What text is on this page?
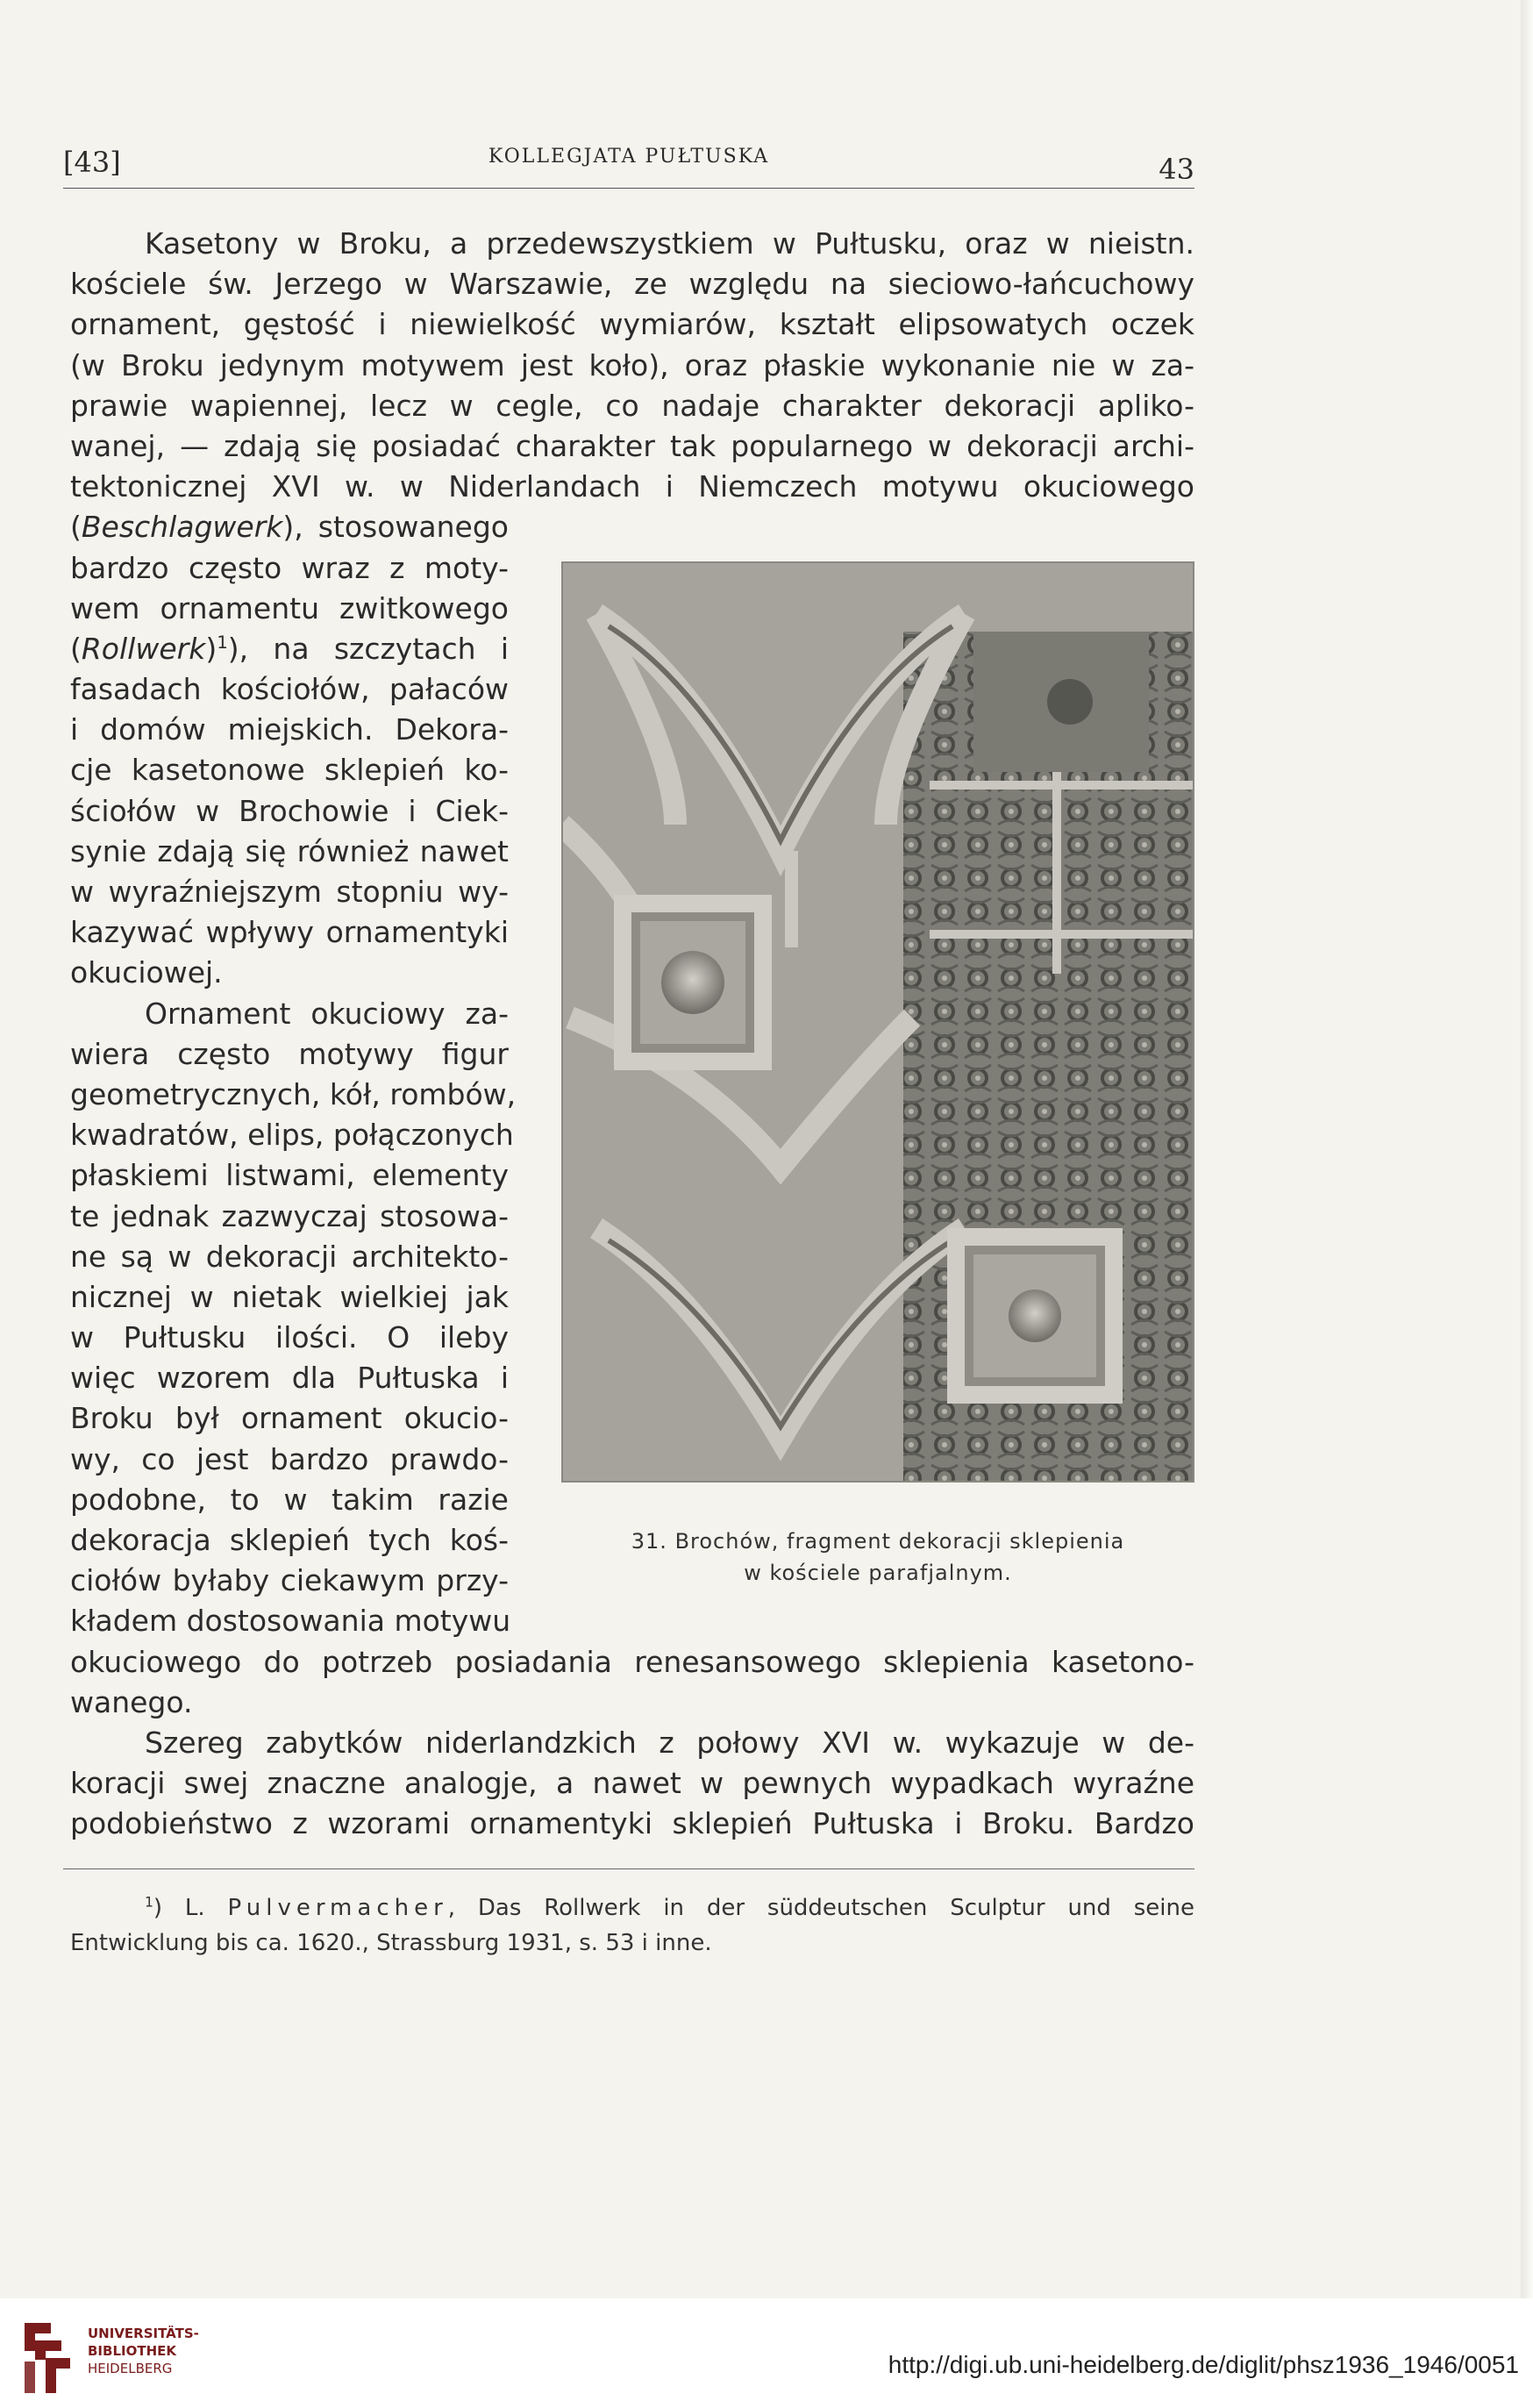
[43]	KOLLEGJATA PUŁTUSKA	43
Kasetony w Broku, a przedewszystkiem w Pułtusku, oraz w nieistn.
kościele św. Jerzego w Warszawie, ze względu na sieciowo-łańcuchowy
ornament, gęstość i niewielkość wymiarów, kształt elipsowatych oczek
(w Broku jedynym motywem jest koło), oraz płaskie wykonanie nie w za-
prawie wapiennej, lecz w cegle, co nadaje charakter dekoracji apliko-
wanej, — zdają się posiadać charakter tak popularnego w dekoracji archi-
tektonicznej XVI w. w Niderlandach i Niemczech motywu okuciowego
(Beschlagwerk), stosowanego
bardzo często wraz z moty-
wem ornamentu zwitkowego
(Rollwerk)$^1$), na szczytach i
fasadach kościołów, pałaców
i domów miejskich. Dekora-
cje kasetonowe sklepień ko-
ściołów w Brochowie i Ciek-
synie zdają się również nawet
w wyraźniejszym stopniu wy-
kazywać wpływy ornamentyki
okuciowej.
Ornament okuciowy za-
wiera często motywy figur
geometrycznych, kół, rombów,
kwadratów, elips, połączonych
płaskiemi listwami, elementy
te jednak zazwyczaj stosowa-
ne są w dekoracji architekto-
nicznej w nietak wielkiej jak
w Pułtusku ilości. O ileby
więc wzorem dla Pułtuska i
Broku był ornament okucio-
wy, co jest bardzo prawdo-
podobne, to w takim razie
dekoracja sklepień tych koś-
ciołów byłaby ciekawym przy-
kładem dostosowania motywu
okuciowego do potrzeb posiadania renesansowego sklepienia kasetono-
wanego.
Szereg zabytków niderlandzkich z połowy XVI w. wykazuje w de-
koracji swej znaczne analogje, a nawet w pewnych wypadkach wyraźne
podobieństwo z wzorami ornamentyki sklepień Pułtuska i Broku. Bardzo
31. Brochów, fragment dekoracji sklepienia
w kościele parafjalnym.
$^1$) L. Pulvermacher, Das Rollwerk in der süddeutschen Sculptur und seine
Entwicklung bis ca. 1620., Strassburg 1931, s. 53 i inne.
UNIVERSITÄTS-
BIBLIOTHEK
HEIDELBERG	http://digi.ub.uni-heidelberg.de/diglit/phsz1936_1946/0051
